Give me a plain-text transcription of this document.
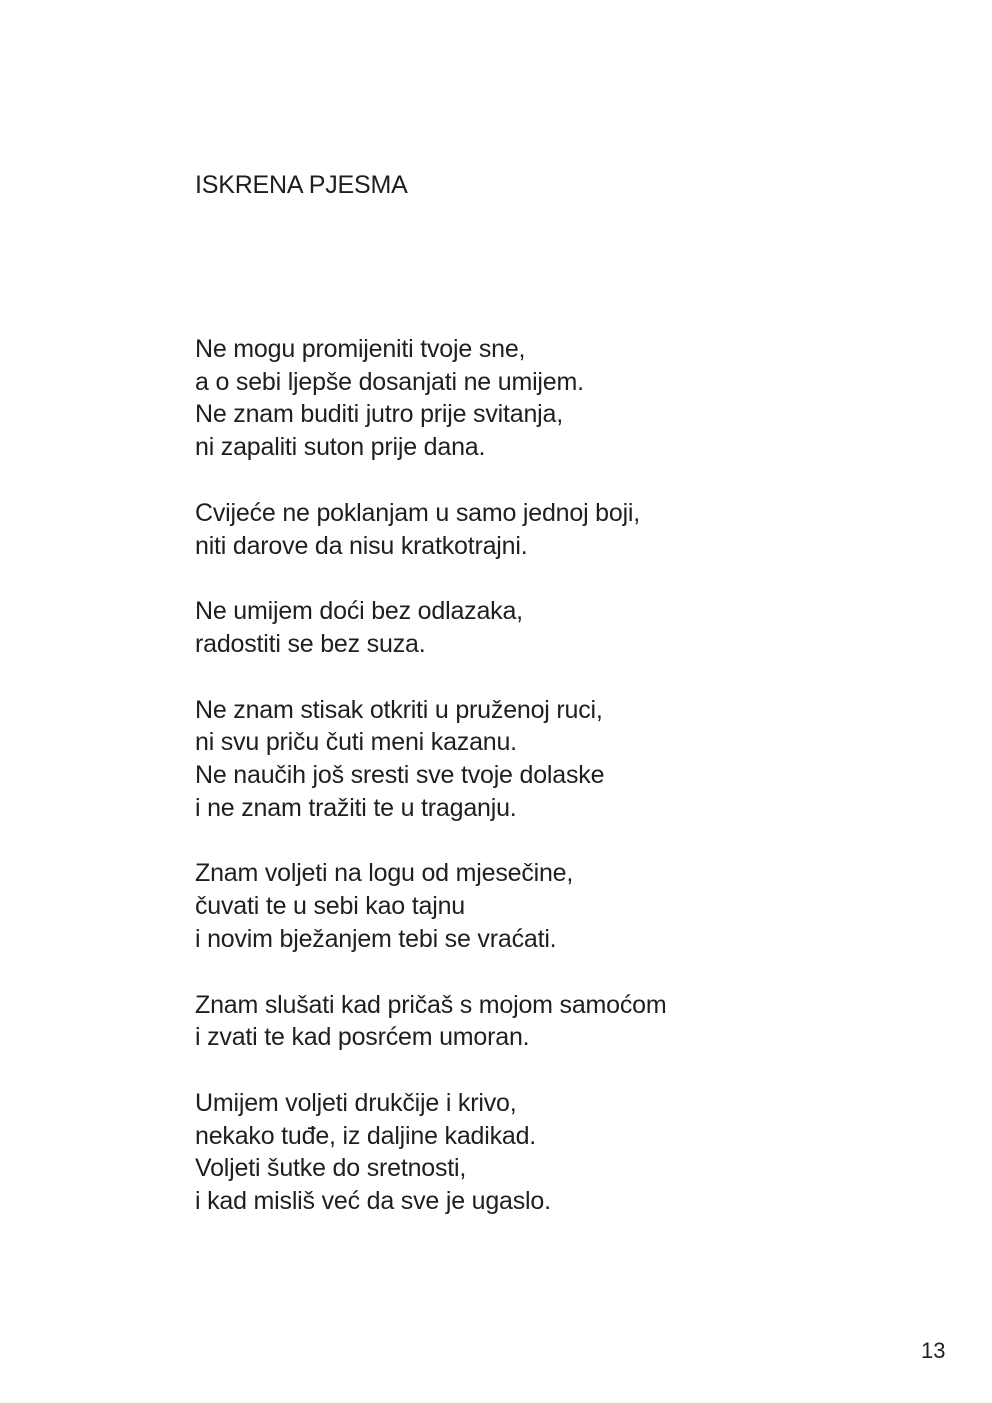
ISKRENA PJESMA
Ne mogu promijeniti tvoje sne,
a o sebi ljepše dosanjati ne umijem.
Ne znam buditi jutro prije svitanja,
ni zapaliti suton prije dana.
Cvijeće ne poklanjam u samo jednoj boji,
niti darove da nisu kratkotrajni.
Ne umijem doći bez odlazaka,
radostiti se bez suza.
Ne znam stisak otkriti u pruženoj ruci,
ni svu priču čuti meni kazanu.
Ne naučih još sresti sve tvoje dolaske
i ne znam tražiti te u traganju.
Znam voljeti na logu od mjesečine,
čuvati te u sebi kao tajnu
i novim bježanjem tebi se vraćati.
Znam slušati kad pričaš s mojom samoćom
i zvati te kad posrćem umoran.
Umijem voljeti drukčije i krivo,
nekako tuđe, iz daljine kadikad.
Voljeti šutke do sretnosti,
i kad misliš već da sve je ugaslo.
13
